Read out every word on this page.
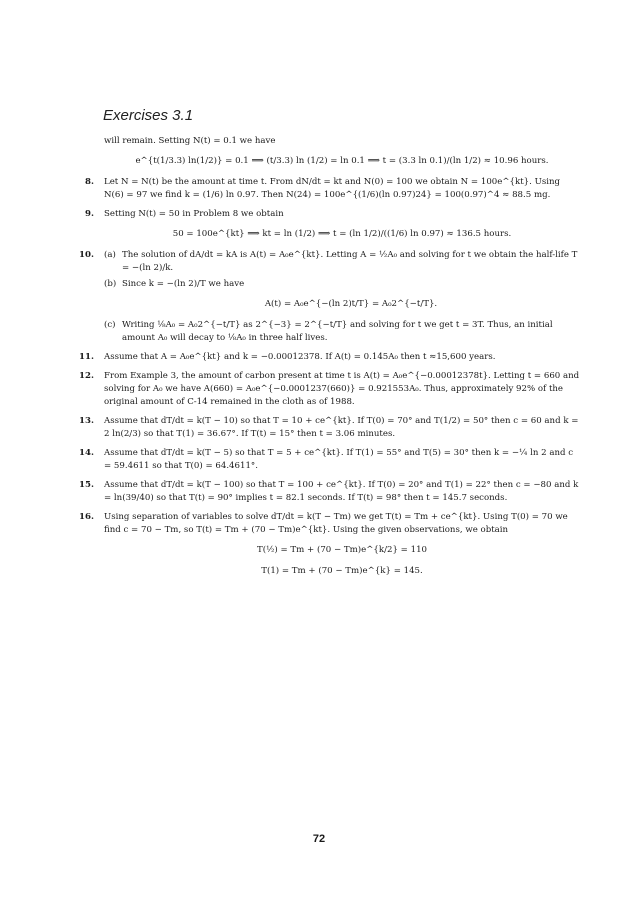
Exercises 3.1
will remain. Setting N(t) = 0.1 we have
e^{t(1/3.3) ln(1/2)} = 0.1 ⟹ (t/3.3) ln (1/2) = ln 0.1 ⟹ t = (3.3 ln 0.1)/(ln 1/2) ≈ 10.96 hours.
8. Let N = N(t) be the amount at time t. From dN/dt = kt and N(0) = 100 we obtain N = 100e^{kt}. Using N(6) = 97 we find k = (1/6) ln 0.97. Then N(24) = 100e^{(1/6)(ln 0.97)24} = 100(0.97)^4 ≈ 88.5 mg.
9. Setting N(t) = 50 in Problem 8 we obtain
50 = 100e^{kt} ⟹ kt = ln (1/2) ⟹ t = (ln 1/2)/((1/6) ln 0.97) ≈ 136.5 hours.
10. (a) The solution of dA/dt = kA is A(t) = A₀e^{kt}. Letting A = ½A₀ and solving for t we obtain the half-life T = −(ln 2)/k.
(b) Since k = −(ln 2)/T we have
A(t) = A₀e^{−(ln 2)t/T} = A₀2^{−t/T}.
(c) Writing ⅛A₀ = A₀2^{−t/T} as 2^{−3} = 2^{−t/T} and solving for t we get t = 3T. Thus, an initial amount A₀ will decay to ⅛A₀ in three half lives.
11. Assume that A = A₀e^{kt} and k = −0.00012378. If A(t) = 0.145A₀ then t ≈15,600 years.
12. From Example 3, the amount of carbon present at time t is A(t) = A₀e^{−0.00012378t}. Letting t = 660 and solving for A₀ we have A(660) = A₀e^{−0.0001237(660)} = 0.921553A₀. Thus, approximately 92% of the original amount of C-14 remained in the cloth as of 1988.
13. Assume that dT/dt = k(T − 10) so that T = 10 + ce^{kt}. If T(0) = 70° and T(1/2) = 50° then c = 60 and k = 2 ln(2/3) so that T(1) = 36.67°. If T(t) = 15° then t = 3.06 minutes.
14. Assume that dT/dt = k(T − 5) so that T = 5 + ce^{kt}. If T(1) = 55° and T(5) = 30° then k = −¼ ln 2 and c = 59.4611 so that T(0) = 64.4611°.
15. Assume that dT/dt = k(T − 100) so that T = 100 + ce^{kt}. If T(0) = 20° and T(1) = 22° then c = −80 and k = ln(39/40) so that T(t) = 90° implies t = 82.1 seconds. If T(t) = 98° then t = 145.7 seconds.
16. Using separation of variables to solve dT/dt = k(T − Tm) we get T(t) = Tm + ce^{kt}. Using T(0) = 70 we find c = 70 − Tm, so T(t) = Tm + (70 − Tm)e^{kt}. Using the given observations, we obtain
T(½) = Tm + (70 − Tm)e^{k/2} = 110
T(1) = Tm + (70 − Tm)e^{k} = 145.
72
